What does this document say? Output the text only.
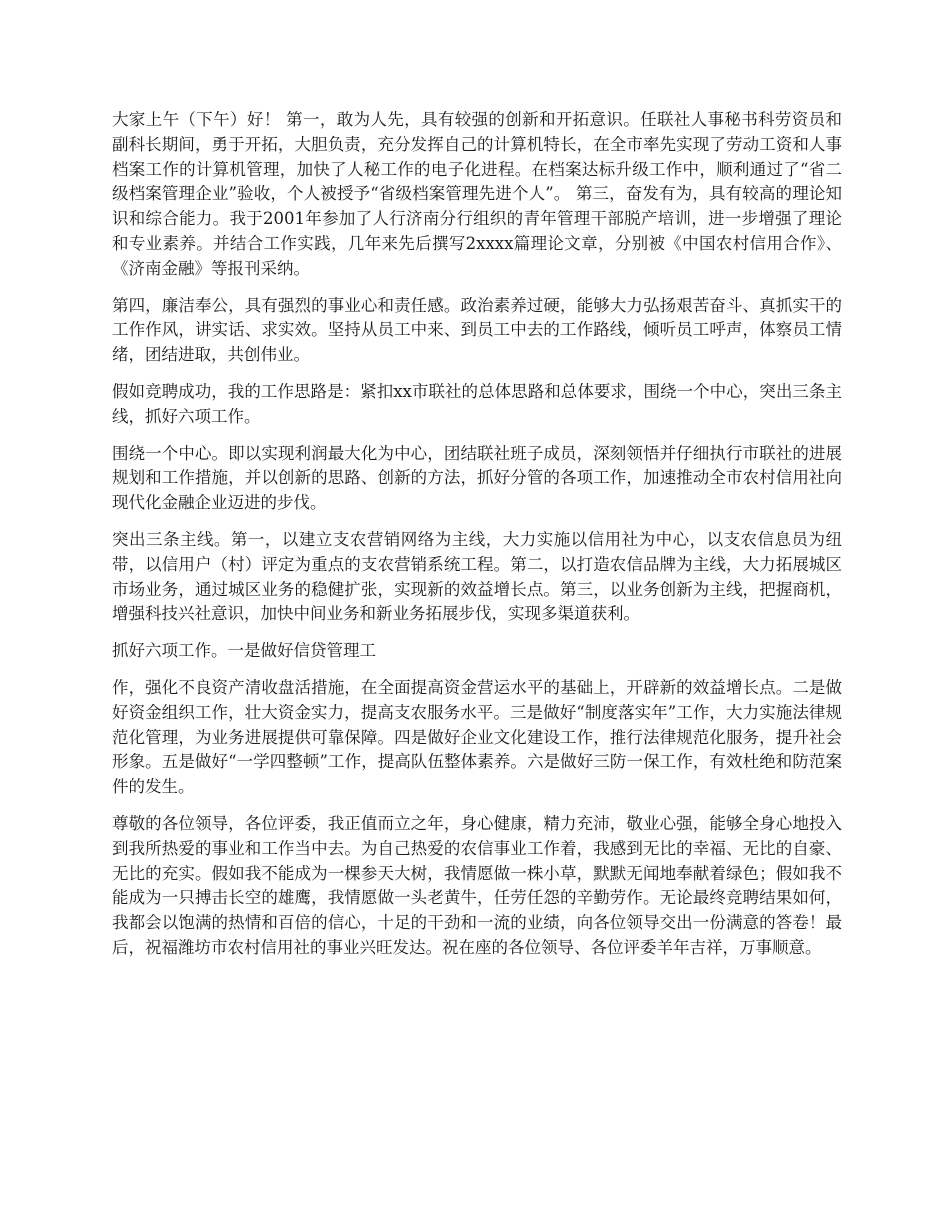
大家上午（下午）好！ 第一，敢为人先，具有较强的创新和开拓意识。任联社人事秘书科劳资员和副科长期间，勇于开拓，大胆负责，充分发挥自己的计算机特长，在全市率先实现了劳动工资和人事档案工作的计算机管理，加快了人秘工作的电子化进程。在档案达标升级工作中，顺利通过了“省二级档案管理企业”验收，个人被授予“省级档案管理先进个人”。 第三，奋发有为，具有较高的理论知识和综合能力。我于2001年参加了人行济南分行组织的青年管理干部脱产培训，进一步增强了理论和专业素养。并结合工作实践，几年来先后撰写2xxxx篇理论文章，分别被《中国农村信用合作》、《济南金融》等报刊采纳。

第四，廉洁奉公，具有强烈的事业心和责任感。政治素养过硬，能够大力弘扬艰苦奋斗、真抓实干的工作作风，讲实话、求实效。坚持从员工中来、到员工中去的工作路线，倾听员工呼声，体察员工情绪，团结进取，共创伟业。

假如竞聘成功，我的工作思路是：紧扣xx市联社的总体思路和总体要求，围绕一个中心，突出三条主线，抓好六项工作。

围绕一个中心。即以实现利润最大化为中心，团结联社班子成员，深刻领悟并仔细执行市联社的进展规划和工作措施，并以创新的思路、创新的方法，抓好分管的各项工作，加速推动全市农村信用社向现代化金融企业迈进的步伐。

突出三条主线。第一，以建立支农营销网络为主线，大力实施以信用社为中心，以支农信息员为纽带，以信用户（村）评定为重点的支农营销系统工程。第二，以打造农信品牌为主线，大力拓展城区市场业务，通过城区业务的稳健扩张，实现新的效益增长点。第三，以业务创新为主线，把握商机，增强科技兴社意识，加快中间业务和新业务拓展步伐，实现多渠道获利。

抓好六项工作。一是做好信贷管理工

作，强化不良资产清收盘活措施，在全面提高资金营运水平的基础上，开辟新的效益增长点。二是做好资金组织工作，壮大资金实力，提高支农服务水平。三是做好“制度落实年”工作，大力实施法律规范化管理，为业务进展提供可靠保障。四是做好企业文化建设工作，推行法律规范化服务，提升社会形象。五是做好“一学四整顿”工作，提高队伍整体素养。六是做好三防一保工作，有效杜绝和防范案件的发生。

尊敬的各位领导，各位评委，我正值而立之年，身心健康，精力充沛，敬业心强，能够全身心地投入到我所热爱的事业和工作当中去。为自己热爱的农信事业工作着，我感到无比的幸福、无比的自豪、无比的充实。假如我不能成为一棵参天大树，我情愿做一株小草，默默无闻地奉献着绿色；假如我不能成为一只搏击长空的雄鹰，我情愿做一头老黄牛，任劳任怨的辛勤劳作。无论最终竞聘结果如何，我都会以饱满的热情和百倍的信心，十足的干劲和一流的业绩，向各位领导交出一份满意的答卷！最后，祝福潍坊市农村信用社的事业兴旺发达。祝在座的各位领导、各位评委羊年吉祥，万事顺意。
